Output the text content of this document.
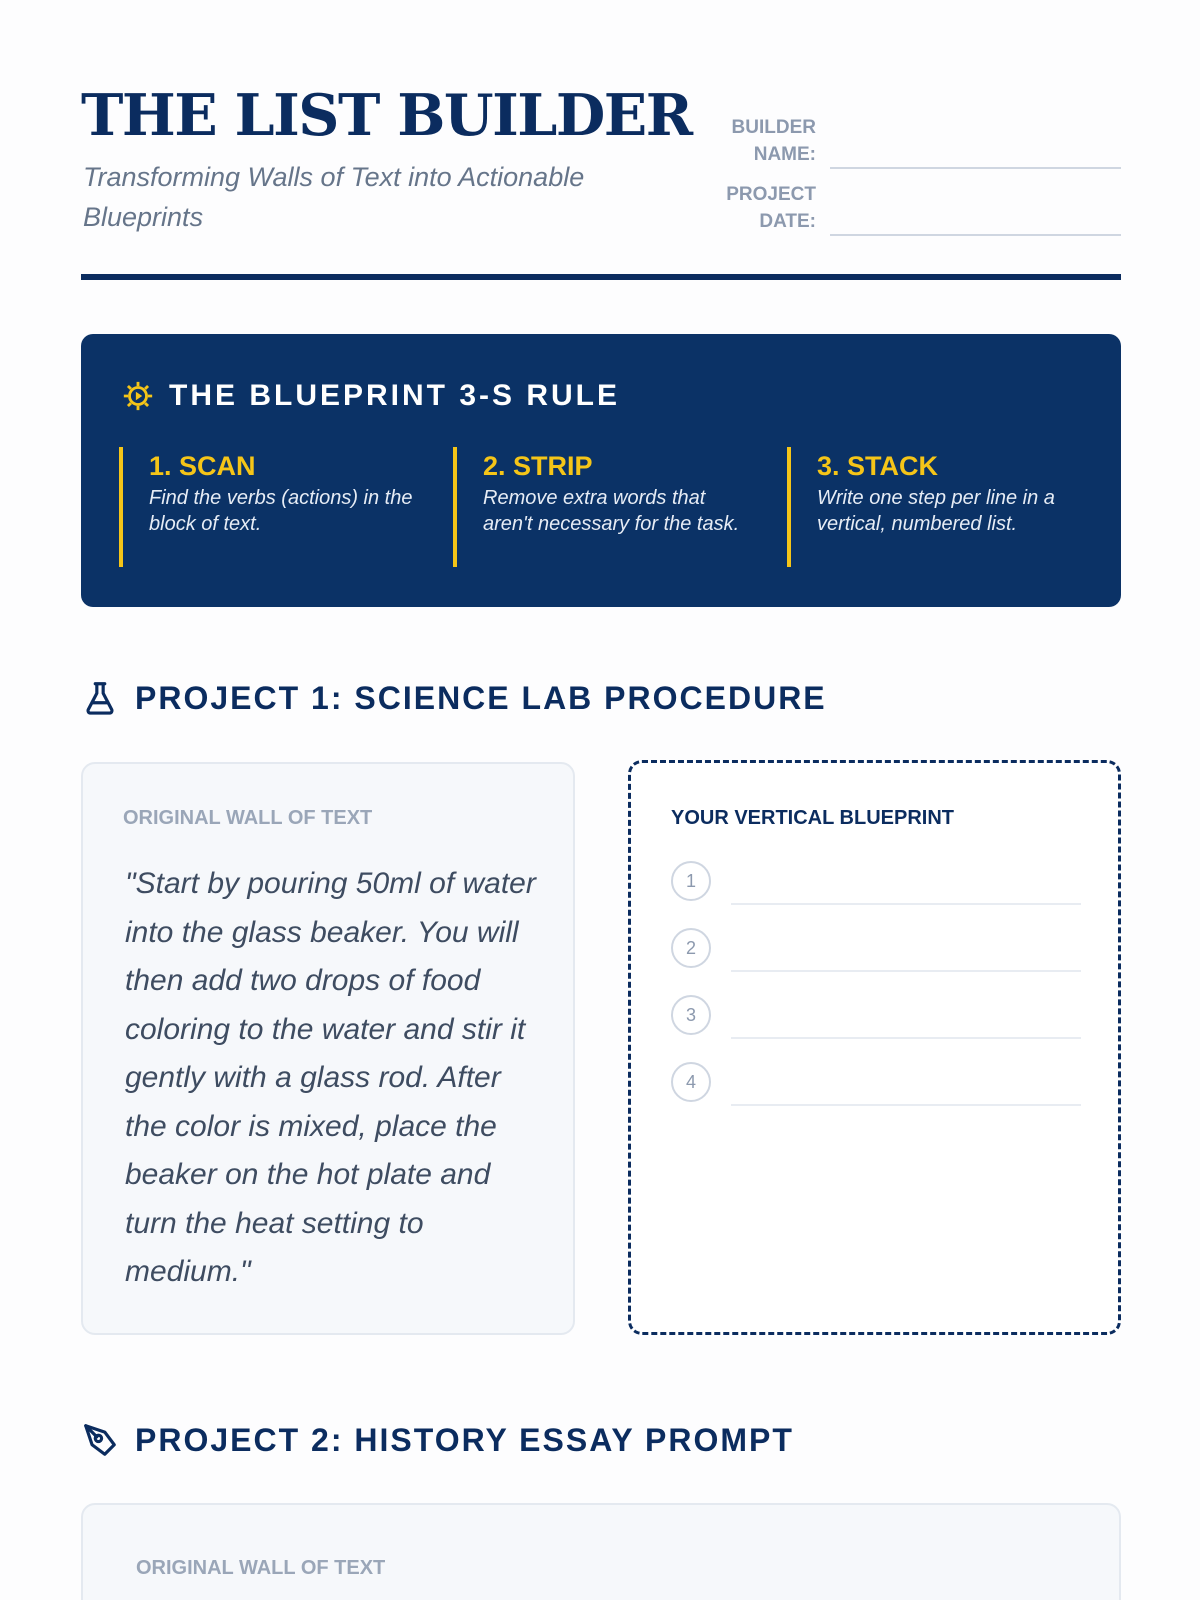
THE LIST BUILDER
Transforming Walls of Text into Actionable Blueprints
BUILDER NAME:
PROJECT DATE:
THE BLUEPRINT 3-S RULE
1. SCAN
Find the verbs (actions) in the block of text.
2. STRIP
Remove extra words that aren't necessary for the task.
3. STACK
Write one step per line in a vertical, numbered list.
PROJECT 1: SCIENCE LAB PROCEDURE
ORIGINAL WALL OF TEXT
"Start by pouring 50ml of water into the glass beaker. You will then add two drops of food coloring to the water and stir it gently with a glass rod. After the color is mixed, place the beaker on the hot plate and turn the heat setting to medium."
YOUR VERTICAL BLUEPRINT
1
2
3
4
PROJECT 2: HISTORY ESSAY PROMPT
ORIGINAL WALL OF TEXT
